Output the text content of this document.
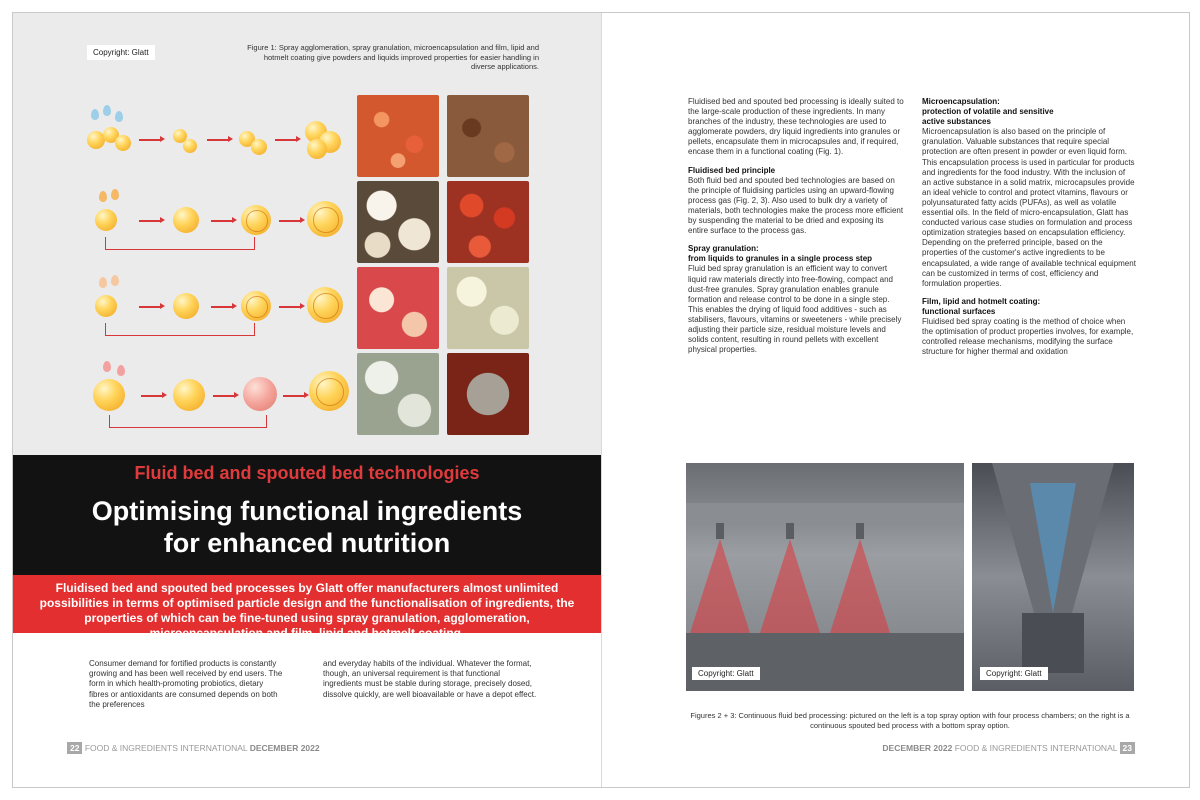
Copyright: Glatt
Figure 1: Spray agglomeration, spray granulation, microencapsulation and film, lipid and hotmelt coating give powders and liquids improved properties for easier handling in diverse applications.
Fluid bed and spouted bed technologies
Optimising functional ingredients
for enhanced nutrition

Fluidised bed and spouted bed processes by Glatt offer manufacturers almost unlimited possibilities in terms of optimised particle design and the functionalisation of ingredients, the properties of which can be fine-tuned using spray granulation, agglomeration, microencapsulation and film, lipid and hotmelt coating.

Consumer demand for fortified products is constantly growing and has been well received by end users. The form in which health-promoting probiotics, dietary fibres or antioxidants are consumed depends on both the preferences
and everyday habits of the individual. Whatever the format, though, an universal requirement is that functional ingredients must be stable during storage, precisely dosed, dissolve quickly, are well bioavailable or have a depot effect.
22 FOOD & INGREDIENTS INTERNATIONAL DECEMBER 2022

Fluidised bed and spouted bed processing is ideally suited to the large-scale production of these ingredients. In many branches of the industry, these technologies are used to agglomerate powders, dry liquid ingredients into granules or pellets, encapsulate them in microcapsules and, if required, encase them in a functional coating (Fig. 1).

Fluidised bed principle

Both fluid bed and spouted bed technologies are based on the principle of fluidising particles using an upward-flowing process gas (Fig. 2, 3). Also used to bulk dry a variety of materials, both technologies make the process more efficient by suspending the material to be dried and exposing its entire surface to the process gas.

Spray granulation:
from liquids to granules in a single process step

Fluid bed spray granulation is an efficient way to convert liquid raw materials directly into free-flowing, compact and dust-free granules. Spray granulation enables granule formation and release control to be done in a single step. This enables the drying of liquid food additives - such as stabilisers, flavours, vitamins or sweeteners - while precisely adjusting their particle size, residual moisture levels and solids content, resulting in round pellets with excellent physical properties.

Microencapsulation:
protection of volatile and sensitive
active substances

Microencapsulation is also based on the principle of granulation. Valuable substances that require special protection are often present in powder or even liquid form. This encapsulation process is used in particular for products and ingredients for the food industry. With the inclusion of an active substance in a solid matrix, microcapsules provide an ideal vehicle to control and protect vitamins, flavours or polyunsaturated fatty acids (PUFAs), as well as volatile essential oils. In the field of micro-encapsulation, Glatt has conducted various case studies on formulation and process optimization strategies based on encapsulation efficiency. Depending on the preferred principle, based on the properties of the customer's active ingredients to be encapsulated, a wide range of available technical equipment can be customized in terms of cost, efficiency and formulation properties.

Film, lipid and hotmelt coating:
functional surfaces

Fluidised bed spray coating is the method of choice when the optimisation of product properties involves, for example, controlled release mechanisms, modifying the surface structure for higher thermal and oxidation

Copyright: Glatt	Copyright: Glatt
Figures 2 + 3: Continuous fluid bed processing: pictured on the left is a top spray option with four process chambers; on the right is a continuous spouted bed process with a bottom spray option.
DECEMBER 2022 FOOD & INGREDIENTS INTERNATIONAL 23
